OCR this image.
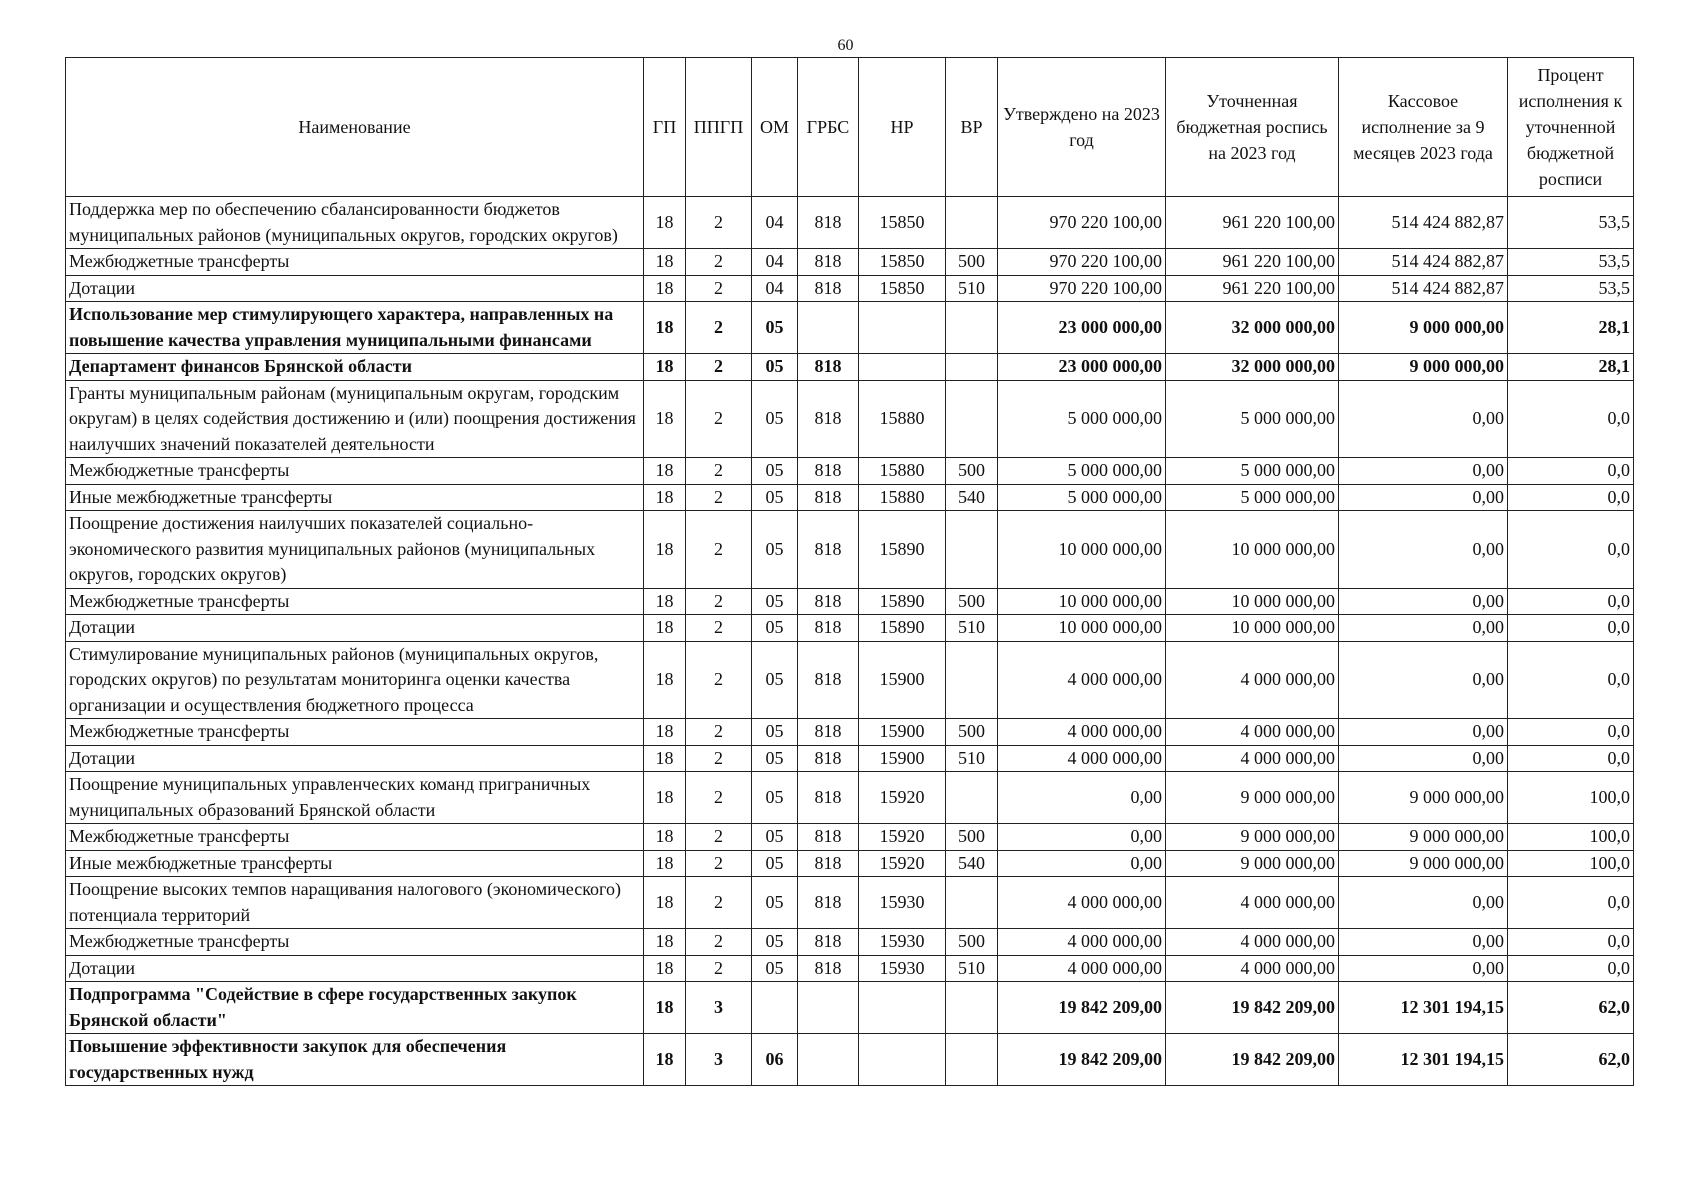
60
Наименование	ГП	ППГП	ОМ	ГРБС	НР	ВР	Утверждено на 2023 год	Уточненная бюджетная роспись на 2023 год	Кассовое исполнение за 9 месяцев 2023 года	Процент исполнения к уточненной бюджетной росписи
Поддержка мер по обеспечению сбалансированности бюджетов муниципальных районов (муниципальных округов, городских округов)	18	2	04	818	15850		970 220 100,00	961 220 100,00	514 424 882,87	53,5
Межбюджетные трансферты	18	2	04	818	15850	500	970 220 100,00	961 220 100,00	514 424 882,87	53,5
Дотации	18	2	04	818	15850	510	970 220 100,00	961 220 100,00	514 424 882,87	53,5
Использование мер стимулирующего характера, направленных на повышение качества управления муниципальными финансами	18	2	05				23 000 000,00	32 000 000,00	9 000 000,00	28,1
Департамент финансов Брянской области	18	2	05	818			23 000 000,00	32 000 000,00	9 000 000,00	28,1
Гранты муниципальным районам (муниципальным округам, городским округам) в целях содействия достижению и (или) поощрения достижения наилучших значений показателей деятельности	18	2	05	818	15880		5 000 000,00	5 000 000,00	0,00	0,0
Межбюджетные трансферты	18	2	05	818	15880	500	5 000 000,00	5 000 000,00	0,00	0,0
Иные межбюджетные трансферты	18	2	05	818	15880	540	5 000 000,00	5 000 000,00	0,00	0,0
Поощрение достижения наилучших показателей социально-экономического развития муниципальных районов (муниципальных округов, городских округов)	18	2	05	818	15890		10 000 000,00	10 000 000,00	0,00	0,0
Межбюджетные трансферты	18	2	05	818	15890	500	10 000 000,00	10 000 000,00	0,00	0,0
Дотации	18	2	05	818	15890	510	10 000 000,00	10 000 000,00	0,00	0,0
Стимулирование муниципальных районов (муниципальных округов, городских округов) по результатам мониторинга оценки качества организации и осуществления бюджетного процесса	18	2	05	818	15900		4 000 000,00	4 000 000,00	0,00	0,0
Межбюджетные трансферты	18	2	05	818	15900	500	4 000 000,00	4 000 000,00	0,00	0,0
Дотации	18	2	05	818	15900	510	4 000 000,00	4 000 000,00	0,00	0,0
Поощрение муниципальных управленческих команд приграничных муниципальных образований Брянской области	18	2	05	818	15920		0,00	9 000 000,00	9 000 000,00	100,0
Межбюджетные трансферты	18	2	05	818	15920	500	0,00	9 000 000,00	9 000 000,00	100,0
Иные межбюджетные трансферты	18	2	05	818	15920	540	0,00	9 000 000,00	9 000 000,00	100,0
Поощрение высоких темпов наращивания налогового (экономического) потенциала территорий	18	2	05	818	15930		4 000 000,00	4 000 000,00	0,00	0,0
Межбюджетные трансферты	18	2	05	818	15930	500	4 000 000,00	4 000 000,00	0,00	0,0
Дотации	18	2	05	818	15930	510	4 000 000,00	4 000 000,00	0,00	0,0
Подпрограмма "Содействие в сфере государственных закупок Брянской области"	18	3					19 842 209,00	19 842 209,00	12 301 194,15	62,0
Повышение эффективности закупок для обеспечения государственных нужд	18	3	06				19 842 209,00	19 842 209,00	12 301 194,15	62,0
